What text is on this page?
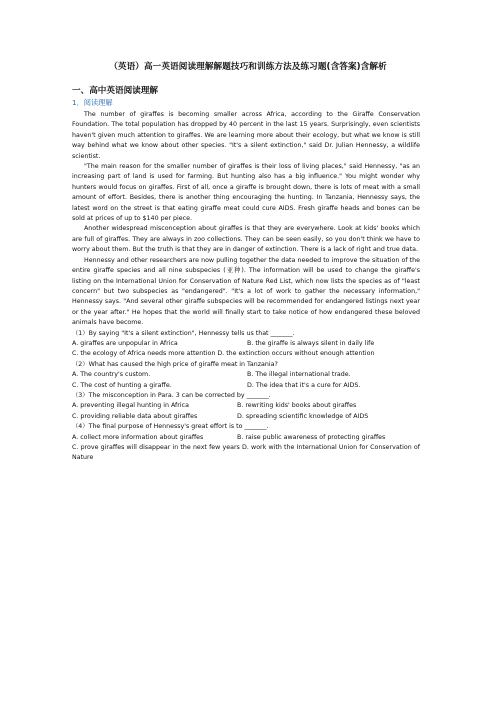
（英语）高一英语阅读理解解题技巧和训练方法及练习题(含答案)含解析
一、高中英语阅读理解
1．阅读理解

The number of giraffes is becoming smaller across Africa, according to the Giraffe Conservation Foundation. The total population has dropped by 40 percent in the last 15 years. Surprisingly, even scientists haven't given much attention to giraffes. We are learning more about their ecology, but what we know is still way behind what we know about other species. "It's a silent extinction," said Dr. Julian Hennessy, a wildlife scientist.

"The main reason for the smaller number of giraffes is their loss of living places," said Hennessy, "as an increasing part of land is used for farming. But hunting also has a big influence." You might wonder why hunters would focus on giraffes. First of all, once a giraffe is brought down, there is lots of meat with a small amount of effort. Besides, there is another thing encouraging the hunting. In Tanzania, Hennessy says, the latest word on the street is that eating giraffe meat could cure AIDS. Fresh giraffe heads and bones can be sold at prices of up to $140 per piece.

Another widespread misconception about giraffes is that they are everywhere. Look at kids' books which are full of giraffes. They are always in zoo collections. They can be seen easily, so you don't think we have to worry about them. But the truth is that they are in danger of extinction. There is a lack of right and true data.

Hennessy and other researchers are now pulling together the data needed to improve the situation of the entire giraffe species and all nine subspecies (亚种). The information will be used to change the giraffe's listing on the International Union for Conservation of Nature Red List, which now lists the species as of "least concern" but two subspecies as "endangered". "It's a lot of work to gather the necessary information," Hennessy says. "And several other giraffe subspecies will be recommended for endangered listings next year or the year after." He hopes that the world will finally start to take notice of how endangered these beloved animals have become.

（1）By saying "It's a silent extinction", Hennessy tells us that _______.
A. giraffes are unpopular in Africa	B. the giraffe is always silent in daily life
C. the ecology of Africa needs more attention D. the extinction occurs without enough attention
（2）What has caused the high price of giraffe meat in Tanzania?
A. The country's custom.	B. The illegal international trade.
C. The cost of hunting a giraffe.	D. The idea that it's a cure for AIDS.
（3）The misconception in Para. 3 can be corrected by _______.
A. preventing illegal hunting in Africa	B. rewriting kids' books about giraffes
C. providing reliable data about giraffes	D. spreading scientific knowledge of AIDS
（4）The final purpose of Hennessy's great effort is to _______.
A. collect more information about giraffes	B. raise public awareness of protecting giraffes
C. prove giraffes will disappear in the next few years D. work with the International Union for Conservation of Nature
